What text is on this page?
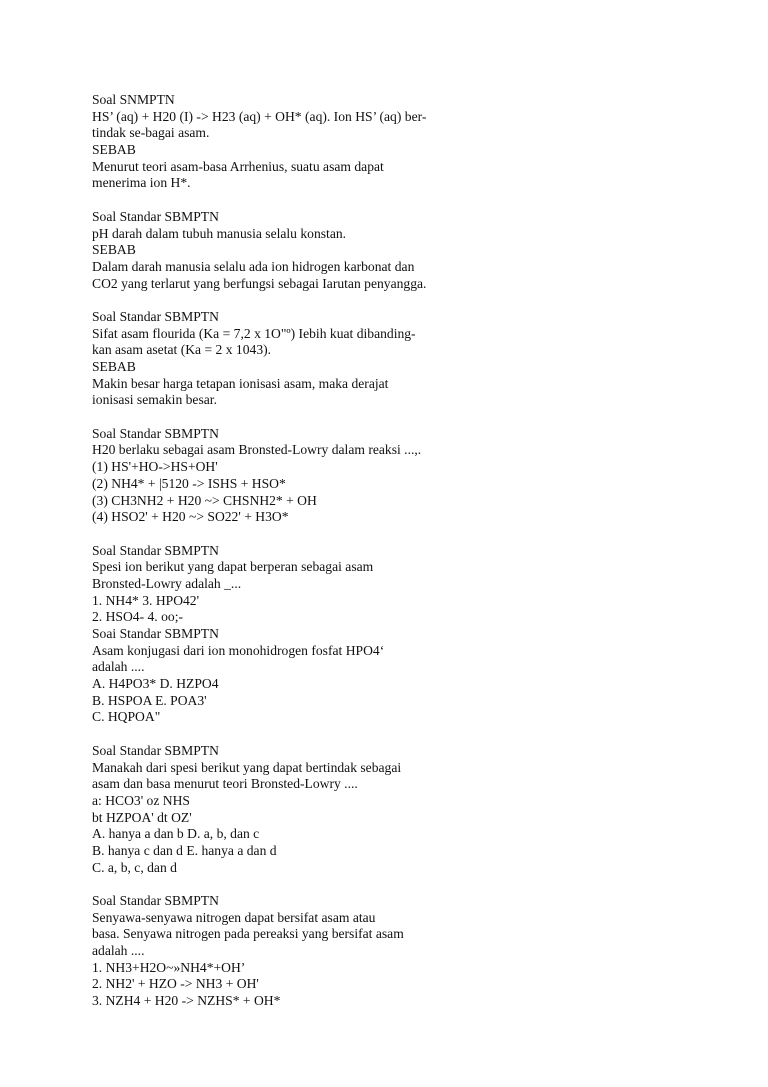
Soal SNMPTN
HS’ (aq) + H20 (I) -> H23 (aq) + OH* (aq). Ion HS’ (aq) ber-
tindak se-bagai asam.
SEBAB
Menurut teori asam-basa Arrhenius, suatu asam dapat
menerima ion H*.
Soal Standar SBMPTN
pH darah dalam tubuh manusia selalu konstan.
SEBAB
Dalam darah manusia selalu ada ion hidrogen karbonat dan
CO2 yang terlarut yang berfungsi sebagai Iarutan penyangga.
Soal Standar SBMPTN
Sifat asam flourida (Ka = 7,2 x 1O"º) Iebih kuat dibanding-
kan asam asetat (Ka = 2 x 1043).
SEBAB
Makin besar harga tetapan ionisasi asam, maka derajat
ionisasi semakin besar.
Soal Standar SBMPTN
H20 berlaku sebagai asam Bronsted-Lowry dalam reaksi ...,.
(1) HS'+HO->HS+OH'
(2) NH4* + |5120 -> ISHS + HSO*
(3) CH3NH2 + H20 ~> CHSNH2* + OH
(4) HSO2' + H20 ~> SO22' + H3O*
Soal Standar SBMPTN
Spesi ion berikut yang dapat berperan sebagai asam
Bronsted-Lowry adalah _...
1. NH4* 3. HPO42'
2. HSO4- 4. oo;-
Soai Standar SBMPTN
Asam konjugasi dari ion monohidrogen fosfat HPO4‘
adalah ....
A. H4PO3* D. HZPO4
B. HSPOA E. POA3'
C. HQPOA"
Soal Standar SBMPTN
Manakah dari spesi berikut yang dapat bertindak sebagai
asam dan basa menurut teori Bronsted-Lowry ....
a: HCO3' oz NHS
bt HZPOA' dt OZ'
A. hanya a dan b D. a, b, dan c
B. hanya c dan d E. hanya a dan d
C. a, b, c, dan d
Soal Standar SBMPTN
Senyawa-senyawa nitrogen dapat bersifat asam atau
basa. Senyawa nitrogen pada pereaksi yang bersifat asam
adalah ....
1. NH3+H2O~»NH4*+OH’
2. NH2' + HZO -> NH3 + OH'
3. NZH4 + H20 -> NZHS* + OH*
